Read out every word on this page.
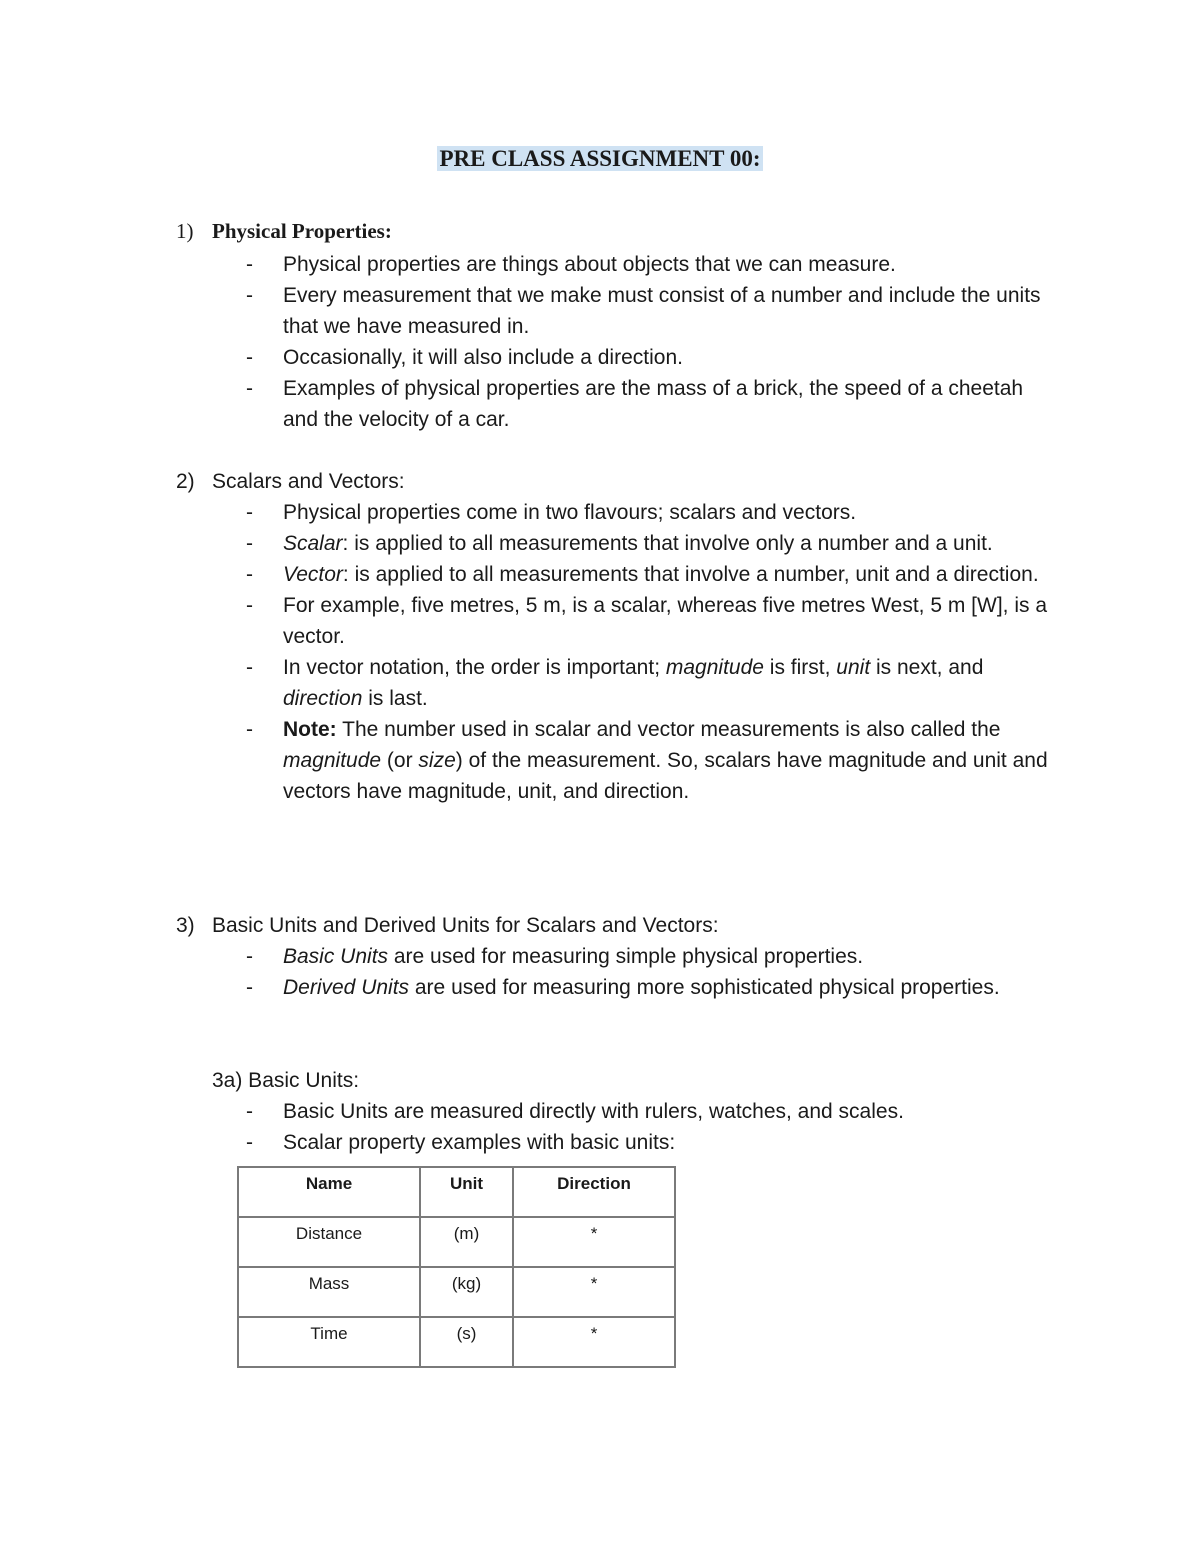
PRE CLASS ASSIGNMENT 00:
1) Physical Properties:
- Physical properties are things about objects that we can measure.
- Every measurement that we make must consist of a number and include the units that we have measured in.
- Occasionally, it will also include a direction.
- Examples of physical properties are the mass of a brick, the speed of a cheetah and the velocity of a car.
2) Scalars and Vectors:
- Physical properties come in two flavours; scalars and vectors.
- Scalar: is applied to all measurements that involve only a number and a unit.
- Vector: is applied to all measurements that involve a number, unit and a direction.
- For example, five metres, 5 m, is a scalar, whereas five metres West, 5 m [W], is a vector.
- In vector notation, the order is important; magnitude is first, unit is next, and direction is last.
- Note: The number used in scalar and vector measurements is also called the magnitude (or size) of the measurement. So, scalars have magnitude and unit and vectors have magnitude, unit, and direction.
3) Basic Units and Derived Units for Scalars and Vectors:
- Basic Units are used for measuring simple physical properties.
- Derived Units are used for measuring more sophisticated physical properties.
3a) Basic Units:
- Basic Units are measured directly with rulers, watches, and scales.
- Scalar property examples with basic units:
Name	Unit	Direction
Distance	(m)	*
Mass	(kg)	*
Time	(s)	*
